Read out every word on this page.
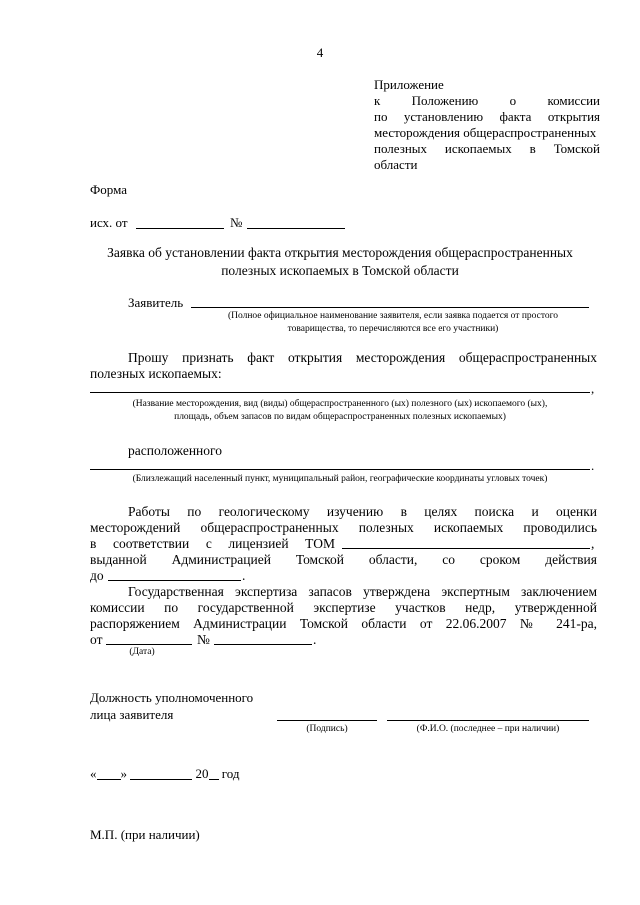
4
Приложение
к Положению о комиссии
по установлению факта открытия
месторождения общераспространенных
полезных ископаемых в Томской
области
Форма
исх. от	№
Заявка об установлении факта открытия месторождения общераспространенных
полезных ископаемых в Томской области
Заявитель
(Полное официальное наименование заявителя, если заявка подается от простого
товарищества, то перечисляются все его участники)
Прошу признать факт открытия месторождения общераспространенных
полезных ископаемых:
,
(Название месторождения, вид (виды) общераспространенного (ых) полезного (ых) ископаемого (ых),
площадь, объем запасов по видам общераспространенных полезных ископаемых)
расположенного
.
(Близлежащий населенный пункт, муниципальный район, географические координаты угловых точек)
Работы по геологическому изучению в целях поиска и оценки
месторождений общераспространенных полезных ископаемых проводились
в соответствии с лицензией ТОМ	,
выданной Администрацией Томской области, со сроком действия
до	.
Государственная экспертиза запасов утверждена экспертным заключением
комиссии по государственной экспертизе участков недр, утвержденной
распоряжением Администрации Томской области от 22.06.2007 № 241-ра,
от	№	.
(Дата)
Должность уполномоченного
лица заявителя
(Подпись)	(Ф.И.О. (последнее – при наличии)
« »	20 год
М.П. (при наличии)
